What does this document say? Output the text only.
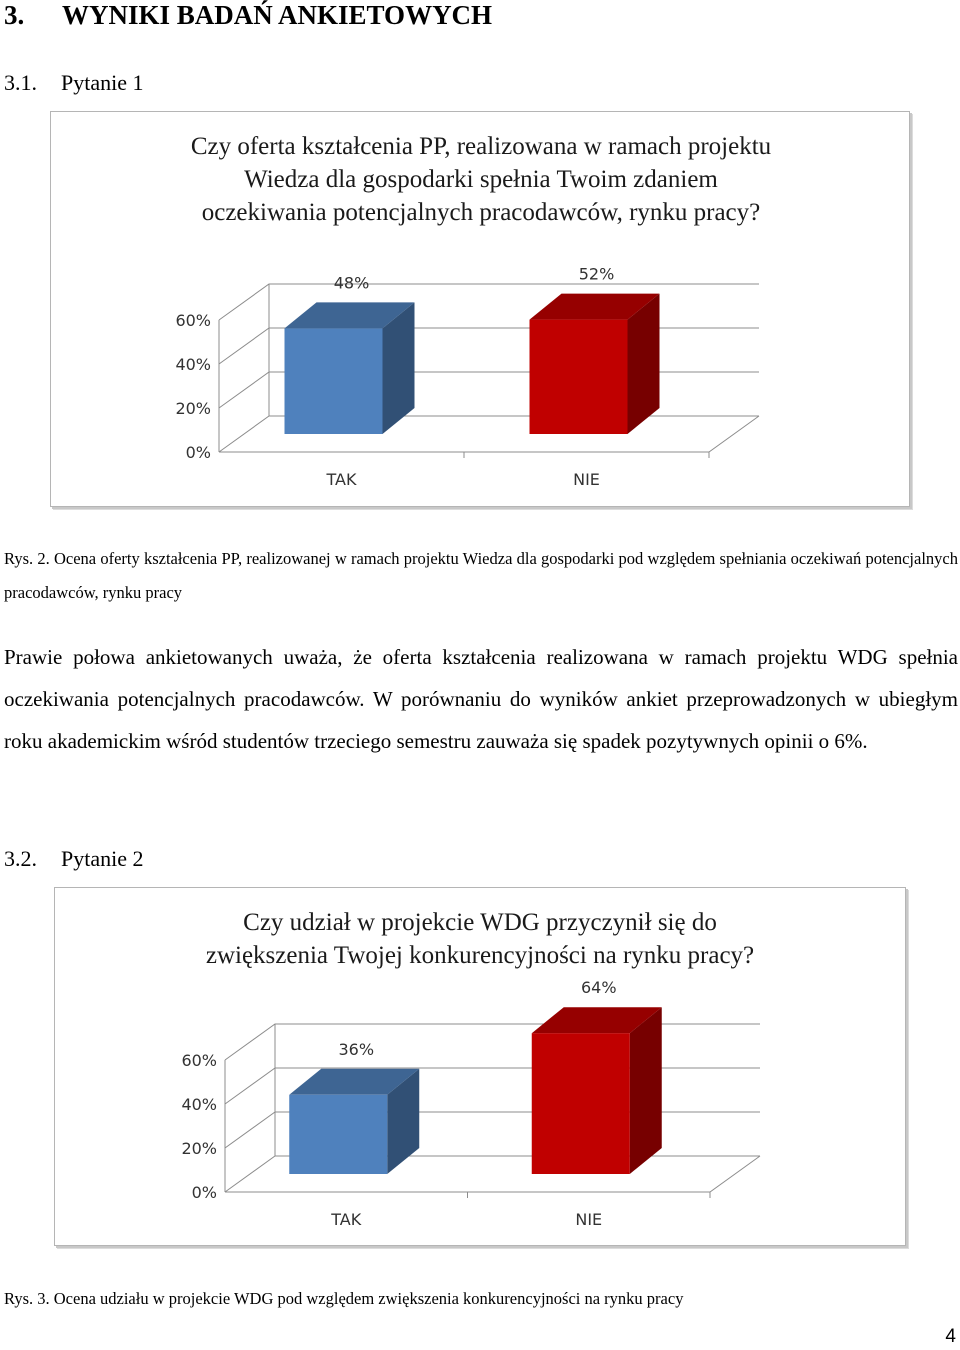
3. WYNIKI BADAŃ ANKIETOWYCH
3.1. Pytanie 1
Czy oferta kształcenia PP, realizowana w ramach projektu
Wiedza dla gospodarki spełnia Twoim zdaniem
oczekiwania potencjalnych pracodawców, rynku pracy?
0%
20%
40%
60%
48%
TAK
52%
NIE
Rys. 2. Ocena oferty kształcenia PP, realizowanej w ramach projektu Wiedza dla gospodarki pod względem spełniania oczekiwań potencjalnych pracodawców, rynku pracy
Prawie połowa ankietowanych uważa, że oferta kształcenia realizowana w ramach projektu WDG spełnia oczekiwania potencjalnych pracodawców. W porównaniu do wyników ankiet przeprowadzonych w ubiegłym roku akademickim wśród studentów trzeciego semestru zauważa się spadek pozytywnych opinii o 6%.
3.2. Pytanie 2
Czy udział w projekcie WDG przyczynił się do
zwiększenia Twojej konkurencyjności na rynku pracy?
0%
20%
40%
60%
36%
TAK
64%
NIE
Rys. 3. Ocena udziału w projekcie WDG pod względem zwiększenia konkurencyjności na rynku pracy
4
